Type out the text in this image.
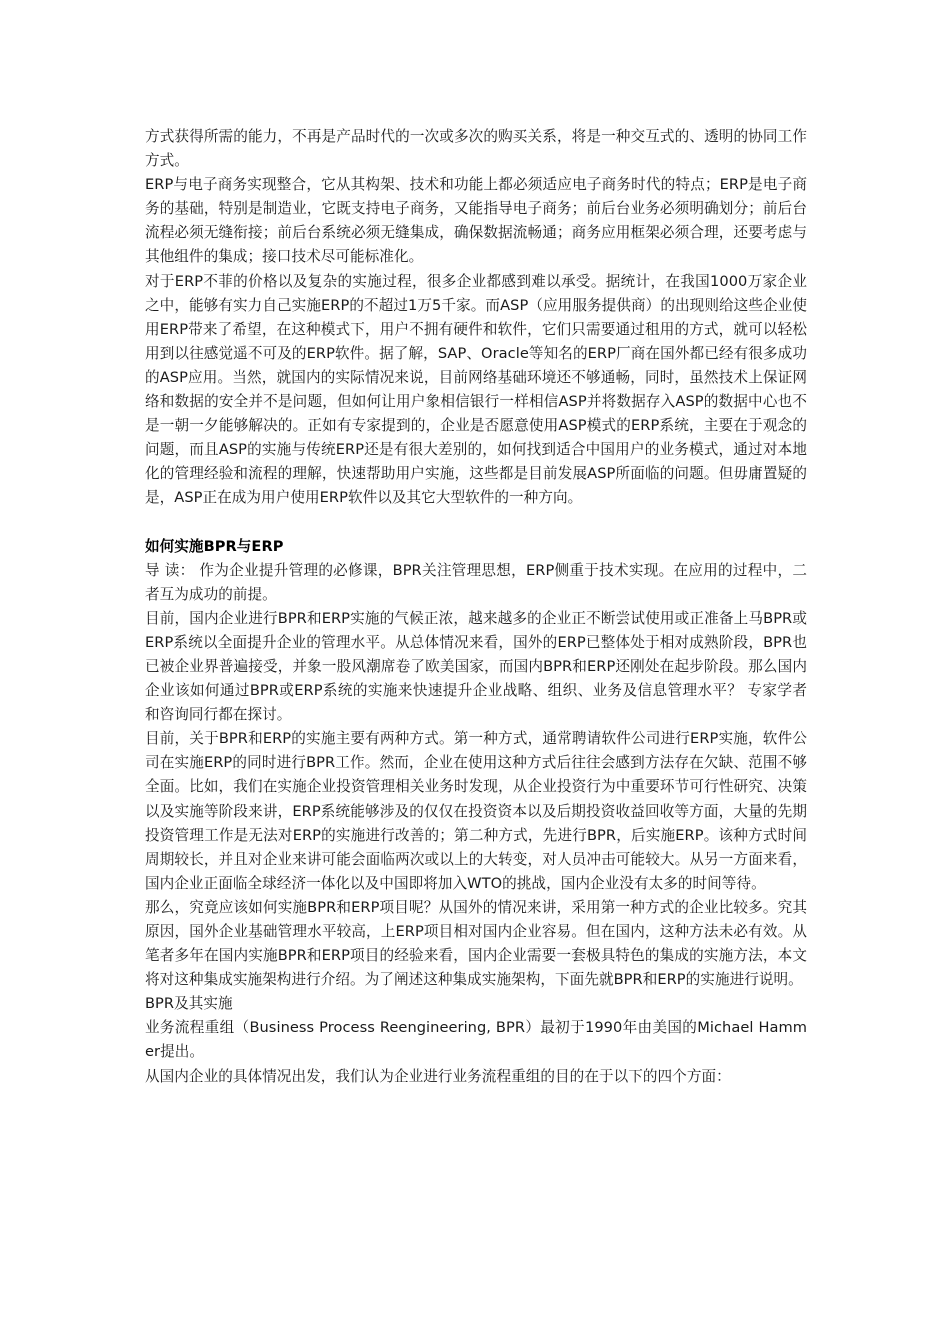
方式获得所需的能力，不再是产品时代的一次或多次的购买关系，将是一种交互式的、透明的协同工作方式。

ERP与电子商务实现整合，它从其构架、技术和功能上都必须适应电子商务时代的特点；ERP是电子商务的基础，特别是制造业，它既支持电子商务，又能指导电子商务；前后台业务必须明确划分；前后台流程必须无缝衔接；前后台系统必须无缝集成，确保数据流畅通；商务应用框架必须合理，还要考虑与其他组件的集成；接口技术尽可能标准化。

对于ERP不菲的价格以及复杂的实施过程，很多企业都感到难以承受。据统计，在我国1000万家企业之中，能够有实力自己实施ERP的不超过1万5千家。而ASP（应用服务提供商）的出现则给这些企业使用ERP带来了希望，在这种模式下，用户不拥有硬件和软件，它们只需要通过租用的方式，就可以轻松用到以往感觉遥不可及的ERP软件。据了解，SAP、Oracle等知名的ERP厂商在国外都已经有很多成功的ASP应用。当然，就国内的实际情况来说，目前网络基础环境还不够通畅，同时，虽然技术上保证网络和数据的安全并不是问题，但如何让用户象相信银行一样相信ASP并将数据存入ASP的数据中心也不是一朝一夕能够解决的。正如有专家提到的，企业是否愿意使用ASP模式的ERP系统，主要在于观念的问题，而且ASP的实施与传统ERP还是有很大差别的，如何找到适合中国用户的业务模式，通过对本地化的管理经验和流程的理解，快速帮助用户实施，这些都是目前发展ASP所面临的问题。但毋庸置疑的是，ASP正在成为用户使用ERP软件以及其它大型软件的一种方向。

如何实施BPR与ERP

导 读： 作为企业提升管理的必修课，BPR关注管理思想，ERP侧重于技术实现。在应用的过程中，二者互为成功的前提。

目前，国内企业进行BPR和ERP实施的气候正浓，越来越多的企业正不断尝试使用或正准备上马BPR或ERP系统以全面提升企业的管理水平。从总体情况来看，国外的ERP已整体处于相对成熟阶段，BPR也已被企业界普遍接受，并象一股风潮席卷了欧美国家，而国内BPR和ERP还刚处在起步阶段。那么国内企业该如何通过BPR或ERP系统的实施来快速提升企业战略、组织、业务及信息管理水平？ 专家学者和咨询同行都在探讨。

目前，关于BPR和ERP的实施主要有两种方式。第一种方式，通常聘请软件公司进行ERP实施，软件公司在实施ERP的同时进行BPR工作。然而，企业在使用这种方式后往往会感到方法存在欠缺、范围不够全面。比如，我们在实施企业投资管理相关业务时发现，从企业投资行为中重要环节可行性研究、决策以及实施等阶段来讲，ERP系统能够涉及的仅仅在投资资本以及后期投资收益回收等方面，大量的先期投资管理工作是无法对ERP的实施进行改善的；第二种方式，先进行BPR，后实施ERP。该种方式时间周期较长，并且对企业来讲可能会面临两次或以上的大转变，对人员冲击可能较大。从另一方面来看，国内企业正面临全球经济一体化以及中国即将加入WTO的挑战，国内企业没有太多的时间等待。

那么，究竟应该如何实施BPR和ERP项目呢？从国外的情况来讲，采用第一种方式的企业比较多。究其原因，国外企业基础管理水平较高，上ERP项目相对国内企业容易。但在国内，这种方法未必有效。从笔者多年在国内实施BPR和ERP项目的经验来看，国内企业需要一套极具特色的集成的实施方法，本文将对这种集成实施架构进行介绍。为了阐述这种集成实施架构，下面先就BPR和ERP的实施进行说明。

BPR及其实施

业务流程重组（Business Process Reengineering, BPR）最初于1990年由美国的Michael Hammer提出。

从国内企业的具体情况出发，我们认为企业进行业务流程重组的目的在于以下的四个方面：
